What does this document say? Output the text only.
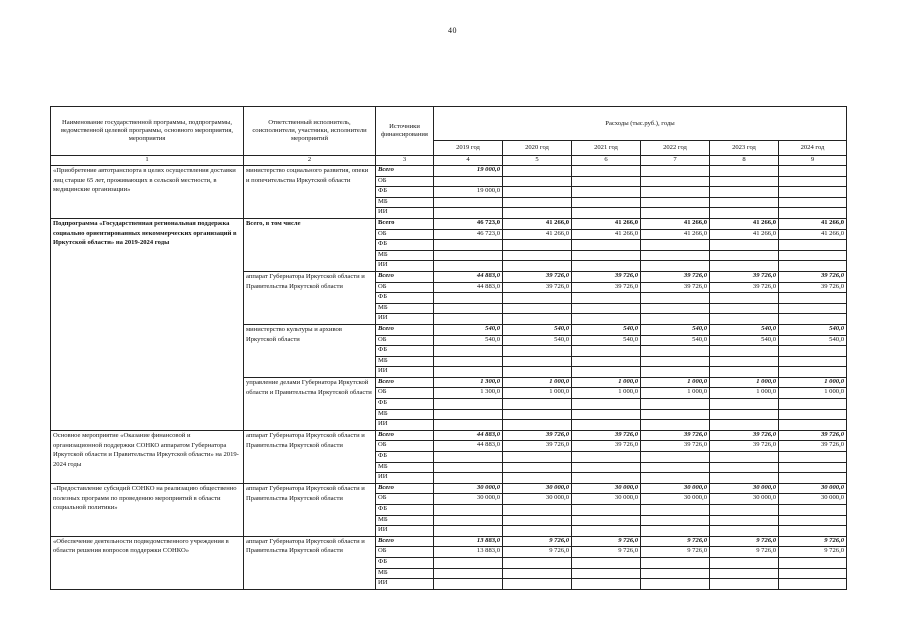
40
Наименование государственной программы, подпрограммы, ведомственной целевой программы, основного мероприятия, мероприятия	Ответственный исполнитель, соисполнители, участники, исполнители мероприятий	Источники финансирования	Расходы (тыс.руб.), годы					
			2019 год	2020 год	2021 год	2022 год	2023 год	2024 год
1	2	3	4	5	6	7	8	9
«Приобретение автотранспорта в целях осуществления доставки лиц старше 65 лет, проживающих в сельской местности, в медицинские организации»	министерство социального развития, опеки и попечительства Иркутской области	Всего	19 000,0					
		ОБ						
		ФБ	19 000,0					
		МБ						
		ИИ						
Подпрограмма «Государственная региональная поддержка социально ориентированных некоммерческих организаций в Иркутской области» на 2019-2024 годы	Всего, в том числе	Всего	46 723,0	41 266,0	41 266,0	41 266,0	41 266,0	41 266,0
		ОБ	46 723,0	41 266,0	41 266,0	41 266,0	41 266,0	41 266,0
		ФБ						
		МБ						
		ИИ						
	аппарат Губернатора Иркутской области и Правительства Иркутской области	Всего	44 883,0	39 726,0	39 726,0	39 726,0	39 726,0	39 726,0
		ОБ	44 883,0	39 726,0	39 726,0	39 726,0	39 726,0	39 726,0
		ФБ						
		МБ						
		ИИ						
	министерство культуры и архивов Иркутской области	Всего	540,0	540,0	540,0	540,0	540,0	540,0
		ОБ	540,0	540,0	540,0	540,0	540,0	540,0
		ФБ						
		МБ						
		ИИ						
	управление делами Губернатора Иркутской области и Правительства Иркутской области	Всего	1 300,0	1 000,0	1 000,0	1 000,0	1 000,0	1 000,0
		ОБ	1 300,0	1 000,0	1 000,0	1 000,0	1 000,0	1 000,0
		ФБ						
		МБ						
		ИИ						
Основное мероприятие «Оказание финансовой и организационной поддержки СОНКО аппаратом Губернатора Иркутской области и Правительства Иркутской области» на 2019-2024 годы	аппарат Губернатора Иркутской области и Правительства Иркутской области	Всего	44 883,0	39 726,0	39 726,0	39 726,0	39 726,0	39 726,0
		ОБ	44 883,0	39 726,0	39 726,0	39 726,0	39 726,0	39 726,0
		ФБ						
		МБ						
		ИИ						
«Предоставление субсидий СОНКО на реализацию общественно полезных программ по проведению мероприятий в области социальной политики»	аппарат Губернатора Иркутской области и Правительства Иркутской области	Всего	30 000,0	30 000,0	30 000,0	30 000,0	30 000,0	30 000,0
		ОБ	30 000,0	30 000,0	30 000,0	30 000,0	30 000,0	30 000,0
		ФБ						
		МБ						
		ИИ						
«Обеспечение деятельности подведомственного учреждения в области решения вопросов поддержки СОНКО»	аппарат Губернатора Иркутской области и Правительства Иркутской области	Всего	13 883,0	9 726,0	9 726,0	9 726,0	9 726,0	9 726,0
		ОБ	13 883,0	9 726,0	9 726,0	9 726,0	9 726,0	9 726,0
		ФБ						
		МБ						
		ИИ						
